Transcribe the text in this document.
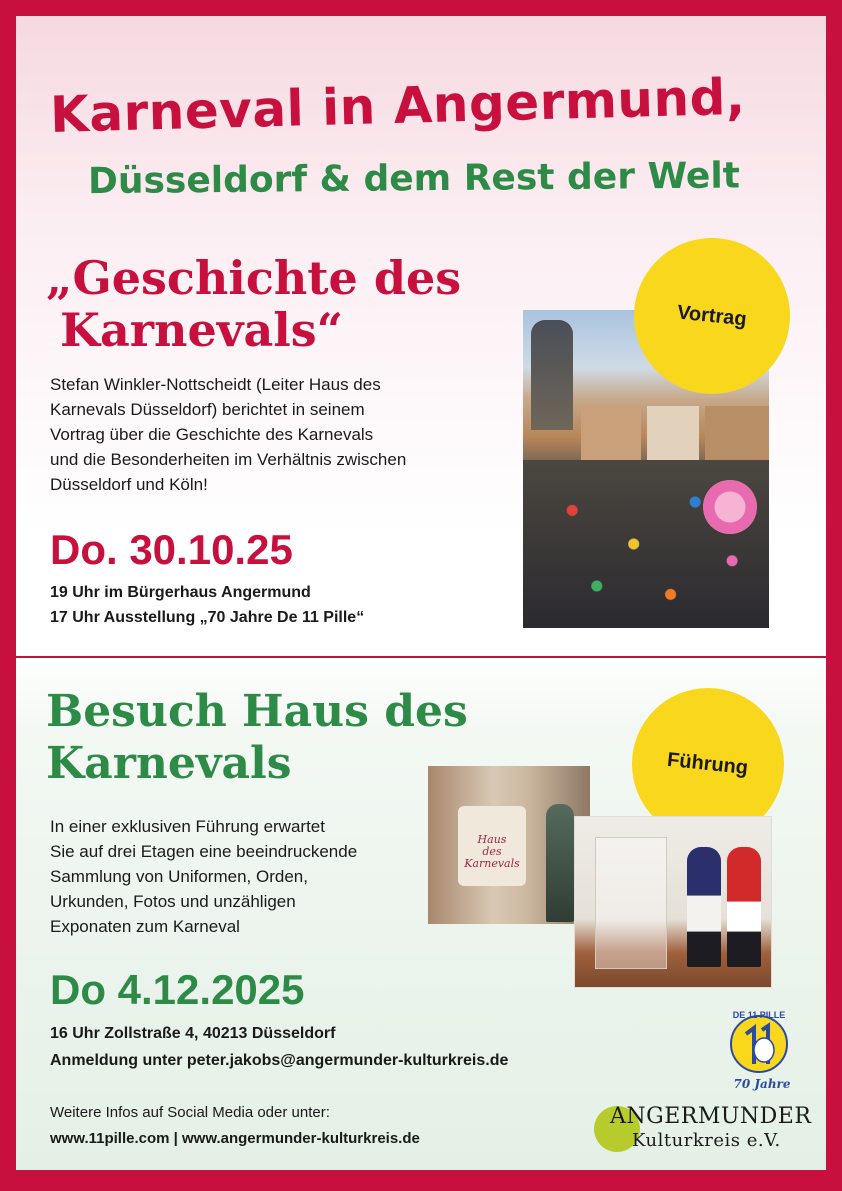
Karneval in Angermund,
Düsseldorf & dem Rest der Welt
„Geschichte des
Karnevals“	Vortrag
Stefan Winkler-Nottscheidt (Leiter Haus des
Karnevals Düsseldorf) berichtet in seinem
Vortrag über die Geschichte des Karnevals
und die Besonderheiten im Verhältnis zwischen
Düsseldorf und Köln!
Do. 30.10.25
19 Uhr im Bürgerhaus Angermund
17 Uhr Ausstellung „70 Jahre De 11 Pille“
Besuch Haus des
Karnevals	Führung
Haus
des
Karnevals
In einer exklusiven Führung erwartet
Sie auf drei Etagen eine beeindruckende
Sammlung von Uniformen, Orden,
Urkunden, Fotos und unzähligen
Exponaten zum Karneval
Do 4.12.2025
16 Uhr Zollstraße 4, 40213 Düsseldorf
Anmeldung unter peter.jakobs@angermunder-kulturkreis.de
Weitere Infos auf Social Media oder unter:
www.11pille.com | www.angermunder-kulturkreis.de
DE 11 PILLE
70 Jahre
ANGERMUNDER
Kulturkreis e.V.
